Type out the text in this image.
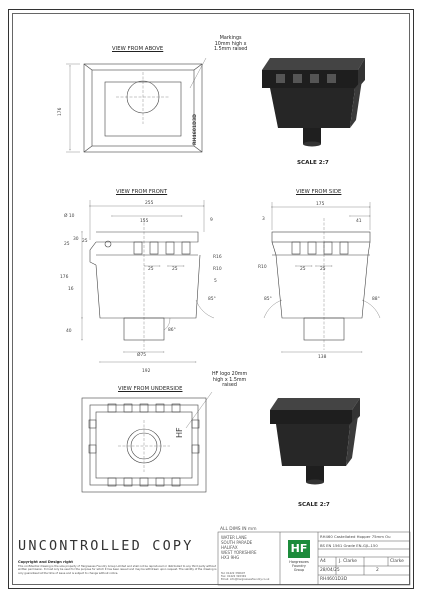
176
RH4601D3D
255
155
Ø 10
30
25
25
9
R16
R10
5
176
16
25	25
85°
86°
40
Ø75
192
175
3	41
R10	25	25
85°	88°
138
HF
VIEW FROM ABOVE
Markings
10mm high x
1.5mm raised
SCALE 2:7
VIEW FROM FRONT	VIEW FROM SIDE
VIEW FROM UNDERSIDE
HF logo 20mm
high x 1.5mm
raised
SCALE 2:7
UNCONTROLLED COPY
Copyright and Design right
This confidential drawing is the sole property of Hargreaves Foundry Group Limited and shall not be reproduced or distributed to any third party without written permission. It must only be used for the purpose for which it has been issued and may be withdrawn upon request. The validity of the drawing is only guaranteed at the time of issue and is subject to change without notice.
ALL DIMS IN mm
WATER LANE
SOUTH PARADE
HALIFAX
WEST YORKSHIRE
HX3 9HG
Tel: 01422 330607
Fax: 01422 320349
Email: info@hargreavesfoundry.co.uk
HF
Hargreaves
Foundry
Group
RH460 Castellated Hopper 75mm Ou
BS EN 1561 Grade EN-GJL-150
A4	J. Clarke	Clarke
28/04/25	2
RH4601D3D
